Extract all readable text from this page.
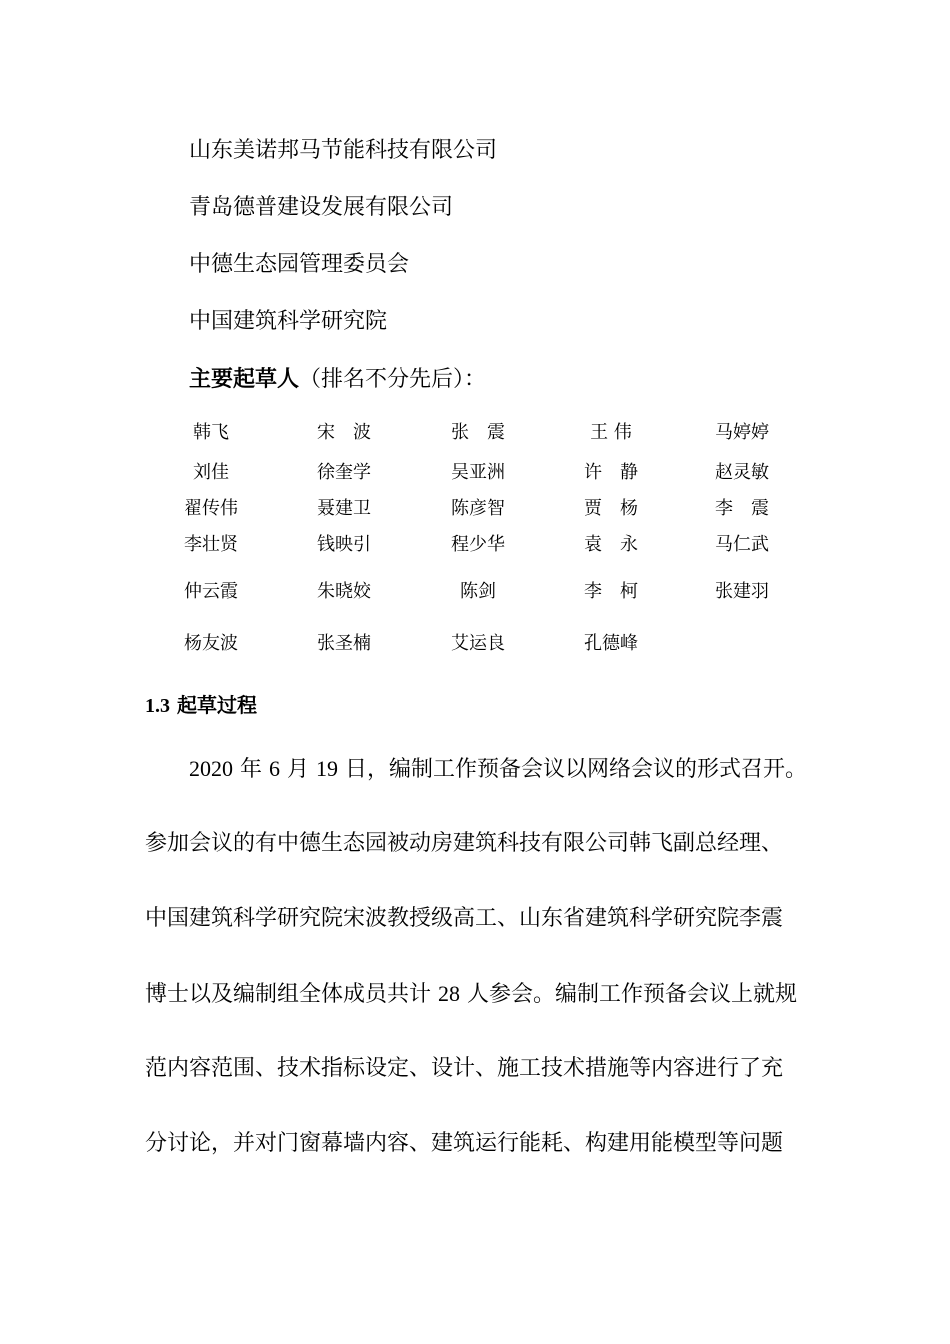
山东美诺邦马节能科技有限公司
青岛德普建设发展有限公司
中德生态园管理委员会
中国建筑科学研究院
主要起草人（排名不分先后）：
韩飞	宋　波	张　震	王 伟	马婷婷
刘佳	徐奎学	吴亚洲	许　静	赵灵敏
翟传伟	聂建卫	陈彦智	贾　杨	李　震
李壮贤	钱映引	程少华	袁　永	马仁武
仲云霞	朱晓姣	陈剑	李　柯	张建羽
杨友波	张圣楠	艾运良	孔德峰
1.3 起草过程
2020 年 6 月 19 日，编制工作预备会议以网络会议的形式召开。
参加会议的有中德生态园被动房建筑科技有限公司韩飞副总经理、
中国建筑科学研究院宋波教授级高工、山东省建筑科学研究院李震
博士以及编制组全体成员共计 28 人参会。编制工作预备会议上就规
范内容范围、技术指标设定、设计、施工技术措施等内容进行了充
分讨论，并对门窗幕墙内容、建筑运行能耗、构建用能模型等问题
